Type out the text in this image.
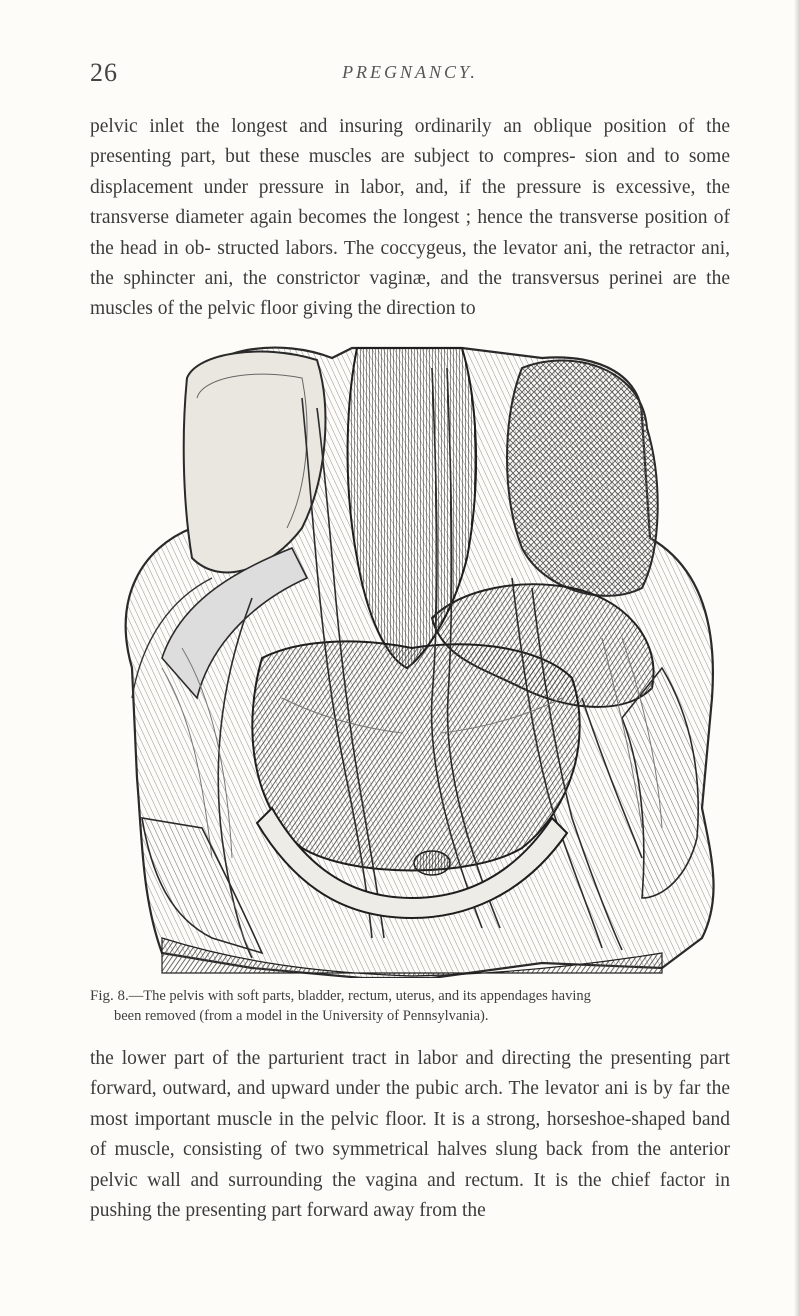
26	PREGNANCY.

pelvic inlet the longest and insuring ordinarily an oblique position of the presenting part, but these muscles are subject to compres- sion and to some displacement under pressure in labor, and, if the pressure is excessive, the transverse diameter again becomes the longest ; hence the transverse position of the head in ob- structed labors. The coccygeus, the levator ani, the retractor ani, the sphincter ani, the constrictor vaginæ, and the transversus perinei are the muscles of the pelvic floor giving the direction to

Fig. 8.—The pelvis with soft parts, bladder, rectum, uterus, and its appendages having
been removed (from a model in the University of Pennsylvania).

the lower part of the parturient tract in labor and directing the presenting part forward, outward, and upward under the pubic arch. The levator ani is by far the most important muscle in the pelvic floor. It is a strong, horseshoe-shaped band of muscle, consisting of two symmetrical halves slung back from the anterior pelvic wall and surrounding the vagina and rectum. It is the chief factor in pushing the presenting part forward away from the
